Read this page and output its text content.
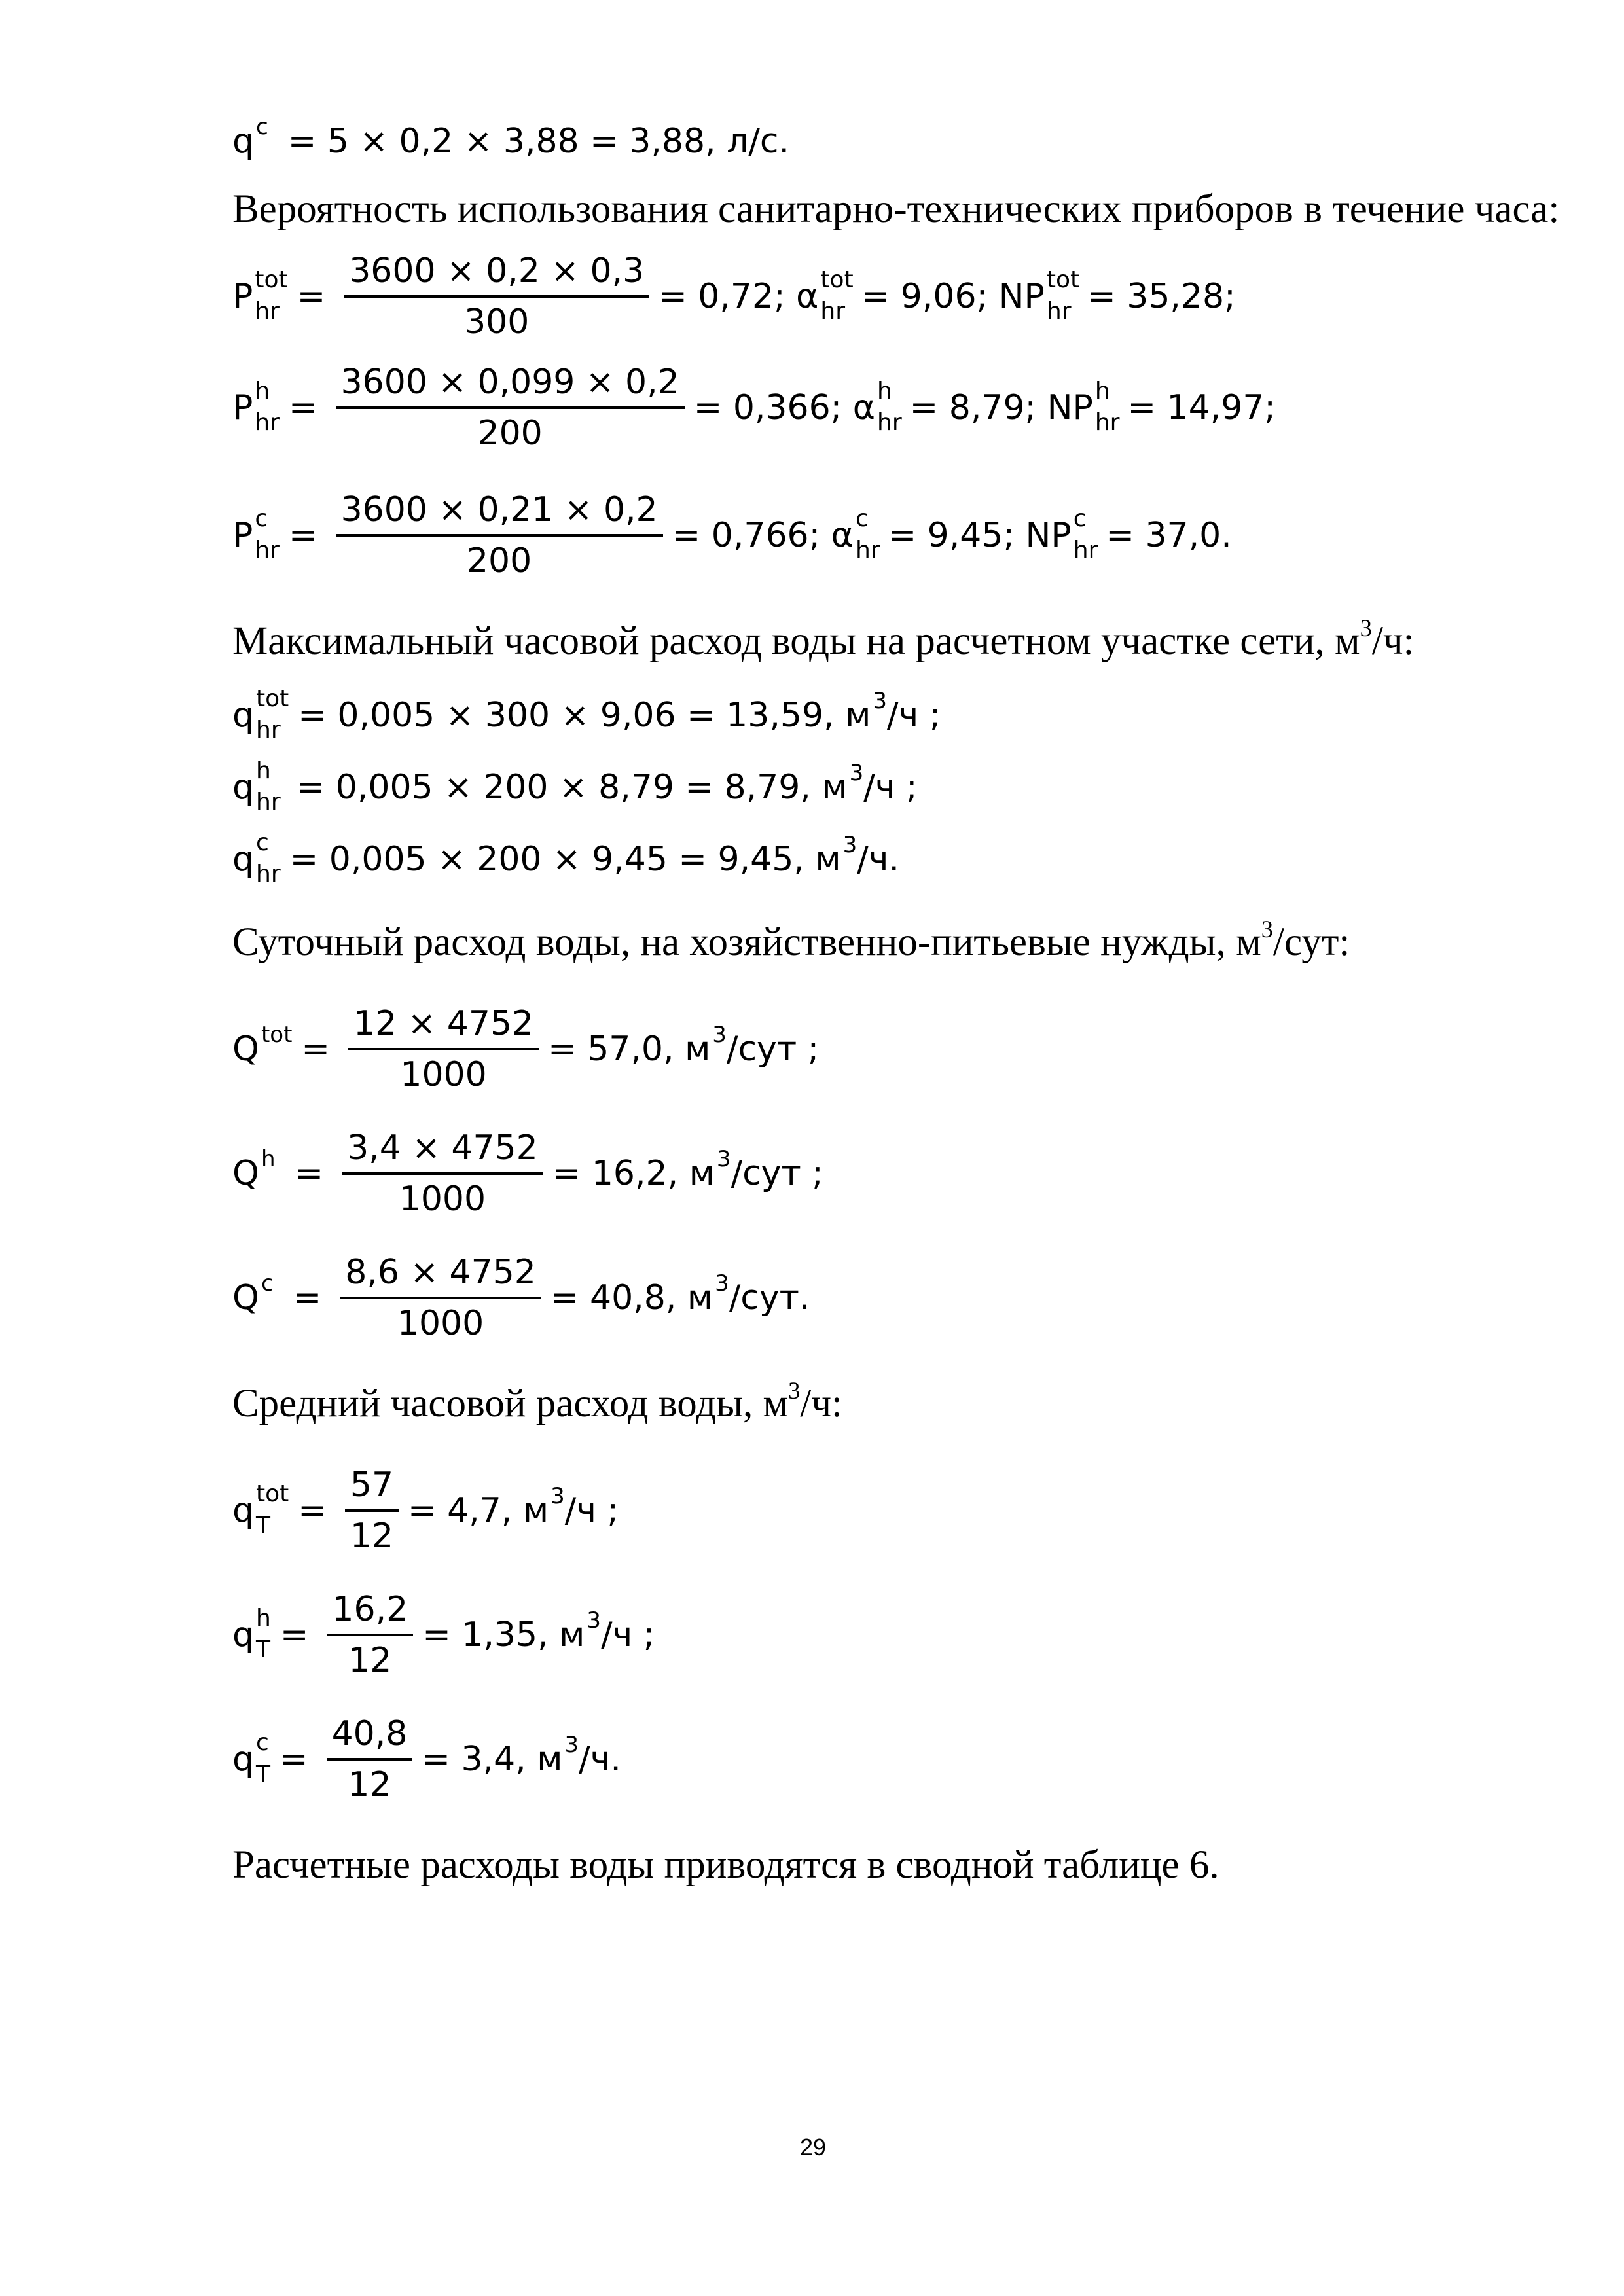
q c = 5 × 0,2 × 3,88 = 3,88, л/с.
Вероятность использования санитарно-технических приборов в течение часа:
P tot
hr = $\frac{3600 \times 0,2 \times 0,3}{300} = 0,72$; α tot
hr = 9,06; NP tot
hr = 35,28;
P h
hr = $\frac{3600 \times 0,099 \times 0,2}{200} = 0,366$; α h
hr = 8,79; NP h
hr = 14,97;
P c
hr = $\frac{3600 \times 0,21 \times 0,2}{200} = 0,766$; α c
hr = 9,45; NP c
hr = 37,0.
Максимальный часовой расход воды на расчетном участке сети, $м^3/ч$:
q tot
hr = 0,005 × 300 × 9,06 = 13,59, м 3 /ч ;
q h
hr = 0,005 × 200 × 8,79 = 8,79, м 3 /ч ;
q c
hr = 0,005 × 200 × 9,45 = 9,45, м 3 /ч.
Суточный расход воды, на хозяйственно-питьевые нужды, $м^3$/сут:
Q tot = $\frac{12 \times 4752}{1000} = 57,0$, м 3 /сут ;
Q $h = \frac{3,4 \times 4752}{1000} = 16,2$, м 3 /сут ;
Q $c = \frac{8,6 \times 4752}{1000} = 40,8$, м 3 /сут.
Средний часовой расход воды, $м^3/ч$:
q tot
$T = \frac{57}{12} = 4,7$, м 3 /ч ;
q h
$T = \frac{16,2}{12} = 1,35$, м 3 /ч ;
q c
$T = \frac{40,8}{12} = 3,4$, м 3 /ч.
Расчетные расходы воды приводятся в сводной таблице 6.
29
